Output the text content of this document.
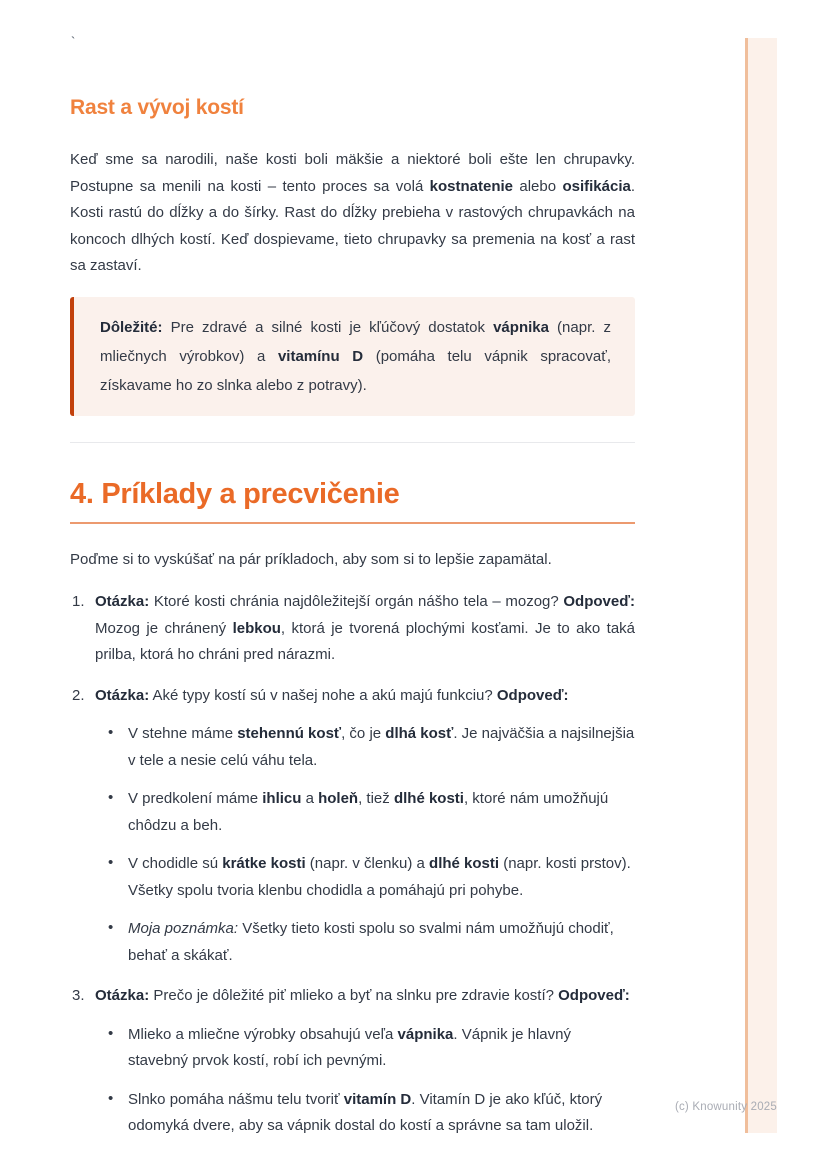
`
Rast a vývoj kostí

Keď sme sa narodili, naše kosti boli mäkšie a niektoré boli ešte len chrupavky. Postupne sa menili na kosti – tento proces sa volá kostnatenie alebo osifikácia. Kosti rastú do dĺžky a do šírky. Rast do dĺžky prebieha v rastových chrupavkách na koncoch dlhých kostí. Keď dospievame, tieto chrupavky sa premenia na kosť a rast sa zastaví.

Dôležité: Pre zdravé a silné kosti je kľúčový dostatok vápnika (napr. z mliečnych výrobkov) a vitamínu D (pomáha telu vápnik spracovať, získavame ho zo slnka alebo z potravy).

4. Príklady a precvičenie

Poďme si to vyskúšať na pár príkladoch, aby som si to lepšie zapamätal.

1. Otázka: Ktoré kosti chránia najdôležitejší orgán nášho tela – mozog? Odpoveď: Mozog je chránený lebkou, ktorá je tvorená plochými kosťami. Je to ako taká prilba, ktorá ho chráni pred nárazmi.
2. Otázka: Aké typy kostí sú v našej nohe a akú majú funkciu? Odpoveď:
• V stehne máme stehennú kosť, čo je dlhá kosť. Je najväčšia a najsilnejšia v tele a nesie celú váhu tela.
• V predkolení máme ihlicu a holeň, tiež dlhé kosti, ktoré nám umožňujú chôdzu a beh.
• V chodidle sú krátke kosti (napr. v členku) a dlhé kosti (napr. kosti prstov). Všetky spolu tvoria klenbu chodidla a pomáhajú pri pohybe.
• Moja poznámka: Všetky tieto kosti spolu so svalmi nám umožňujú chodiť, behať a skákať.
3. Otázka: Prečo je dôležité piť mlieko a byť na slnku pre zdravie kostí? Odpoveď:
• Mlieko a mliečne výrobky obsahujú veľa vápnika. Vápnik je hlavný stavebný prvok kostí, robí ich pevnými.
• Slnko pomáha nášmu telu tvoriť vitamín D. Vitamín D je ako kľúč, ktorý odomyká dvere, aby sa vápnik dostal do kostí a správne sa tam uložil.
(c) Knowunity 2025
